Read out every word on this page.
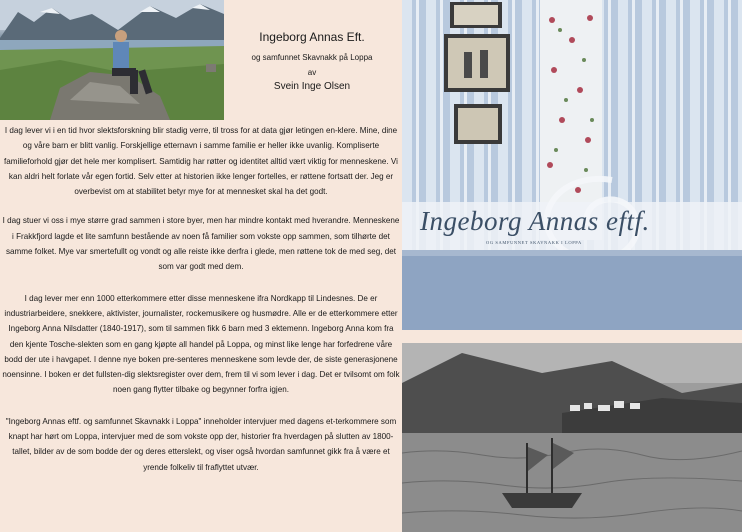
Ingeborg Annas Eft.
og samfunnet Skavnakk på Loppa
av
Svein Inge Olsen

I dag lever vi i en tid hvor slektsforskning blir stadig verre, til tross for at data gjør letingen en-klere. Mine, dine og våre barn er blitt vanlig. Forskjellige etternavn i samme familie er heller ikke uvanlig. Kompliserte familieforhold gjør det hele mer komplisert. Samtidig har røtter og identitet alltid vært viktig for menneskene. Vi kan aldri helt forlate vår egen fortid. Selv etter at historien ikke lenger fortelles, er røttene fortsatt der. Jeg er overbevist om at stabilitet betyr mye for at mennesket skal ha det godt.

I dag stuer vi oss i mye større grad sammen i store byer, men har mindre kontakt med hverandre. Menneskene i Frakkfjord lagde et lite samfunn bestående av noen få familier som vokste opp sammen, som tilhørte det samme folket. Mye var smertefullt og vondt og alle reiste ikke derfra i glede, men røttene tok de med seg, det som var godt med dem.

I dag lever mer enn 1000 etterkommere etter disse menneskene ifra Nordkapp til Lindesnes. De er industriarbeidere, snekkere, aktivister, journalister, rockemusikere og husmødre. Alle er de etterkommere etter Ingeborg Anna Nilsdatter (1840-1917), som til sammen fikk 6 barn med 3 ektemenn. Ingeborg Anna kom fra den kjente Tosche-slekten som en gang kjøpte all handel på Loppa, og minst like lenge har forfedrene våre bodd der ute i havgapet. I denne nye boken pre-senteres menneskene som levde der, de siste generasjonene noensinne. I boken er det fullsten-dig slektsregister over dem, frem til vi som lever i dag. Det er tvilsomt om folk noen gang flytter tilbake og begynner forfra igjen.

"Ingeborg Annas eftf. og samfunnet Skavnakk i Loppa" inneholder intervjuer med dagens et-terkommere som knapt har hørt om Loppa, intervjuer med de som vokste opp der, historier fra hverdagen på slutten av 1800-tallet, bilder av de som bodde der og deres etterslekt, og viser også hvordan samfunnet gikk fra å være et yrende folkeliv til fraflyttet utvær.

Ingeborg Annas eftf.
OG SAMFUNNET SKAVNAKK I LOPPA
